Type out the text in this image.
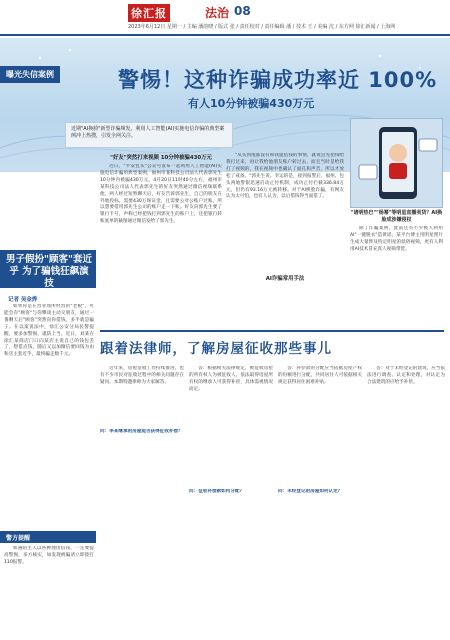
徐汇报	法治 08
2023年6月12日 星期一 / 主编 潘韵晓 / 版式 张 / 责任校对 / 责任编辑 潘 / 技术 王 / 美编 沈 / 东方网 徐汇新闻 / 上海网
曝光失信案例	警惕！这种诈骗成功率近 100%
有人10分钟被骗430万元
近期"AI换脸"新型诈骗频发，利用人工智能(AI)实施电信诈骗的典型案例冲上热搜，引发全网关注。
"好友"突然打来视频 10分钟被骗430万元
近日，"平安包头"公众号发布一起利用人工智能(AI)实施电信诈骗的典型案例，福州市某科技公司法人代表郭先生10分钟内被骗430万元。4月20日11时40分左右，福州市某科技公司法人代表郭先生的好友突然通过微信视频联系他，两人经过短暂聊天后，好友告诉郭先生，自己的朋友在外地投标，需要430万保证金，且需要公对公账户过账，所以想要借用郭先生公司的账户走一下账。好友向郭先生要了银行卡号，声称已经把钱打到郭先生的账户上，还把银行转账底单的截图通过微信发给了郭先生。
"从头到尾都没有和我提借钱的事情，就说会先把钱给我打过来，再让我给他朋友账户转过去，而且当时是给我打了视频的，我在视频中也确认了面孔和声音，所以才放松了戒备。"郭先生说。幸运的是，接到报警后，福州、包头两地警银迅速启动止付机制，成功止付拦截336.84万元，但仍有93.16万元被转移。对于AI换脸诈骗，有网友认为太可怕，也有人认为，以后借钱得当面借了。
AI诈骗常用手法
"诸明热巴""杨幂"等明星直播卖货？AI换脸成涉嫌侵权
除了诈骗案例，此前还有不少被人利用AI"一键脱衣"造黄谣，某平台博主用明星照片生成大量涉及特定明星的低俗视频，更有人利用AI技术冒充真人视频带货。
男子假扮"顾客"套近乎 为了骗钱狂飙演技
记者 吴金烨
如果你是在营业场所经营的"老板"，可能会有"顾客"与你攀谈主动交朋友，通过一番聊天后"顾客"突然向你借钱，多半就是骗子。在以案说法中，徐汇公安分局民警提醒，要多加警惕，谨防上当。近日，刘某在徐汇某商店门口向某店主说自己的钱包丢了，想借点钱，随后又以加微信要回钱为由和店主套近乎，最终骗走数千元。
警方提醒
如遇陌生人以各种理由借钱，一定要提高警惕，多方核实，如发现被骗请立即拨打110报警。
跟着法律师，了解房屋征收那些事儿
近年来，房屋征收工作持续推进，也有不少市民对征收过程中的相关问题存在疑问。本期特邀律师为大家解答。
问：李某继承的房屋能否获得征收补偿？
答：根据相关法律规定，被征收房屋的所有权人为被征收人，依法取得房屋所有权的继承人可获得补偿，具体需视情况而定。
问：征收补偿款如何分配？
答：补偿款的分配应当依据房屋产权的份额进行分配，共同居住人可依据相关规定获得居住困难补贴。
问：未经登记的房屋如何认定？
答：对于未经登记的建筑，应当依法进行调查、认定和处理，对认定为合法建筑的应给予补偿。
